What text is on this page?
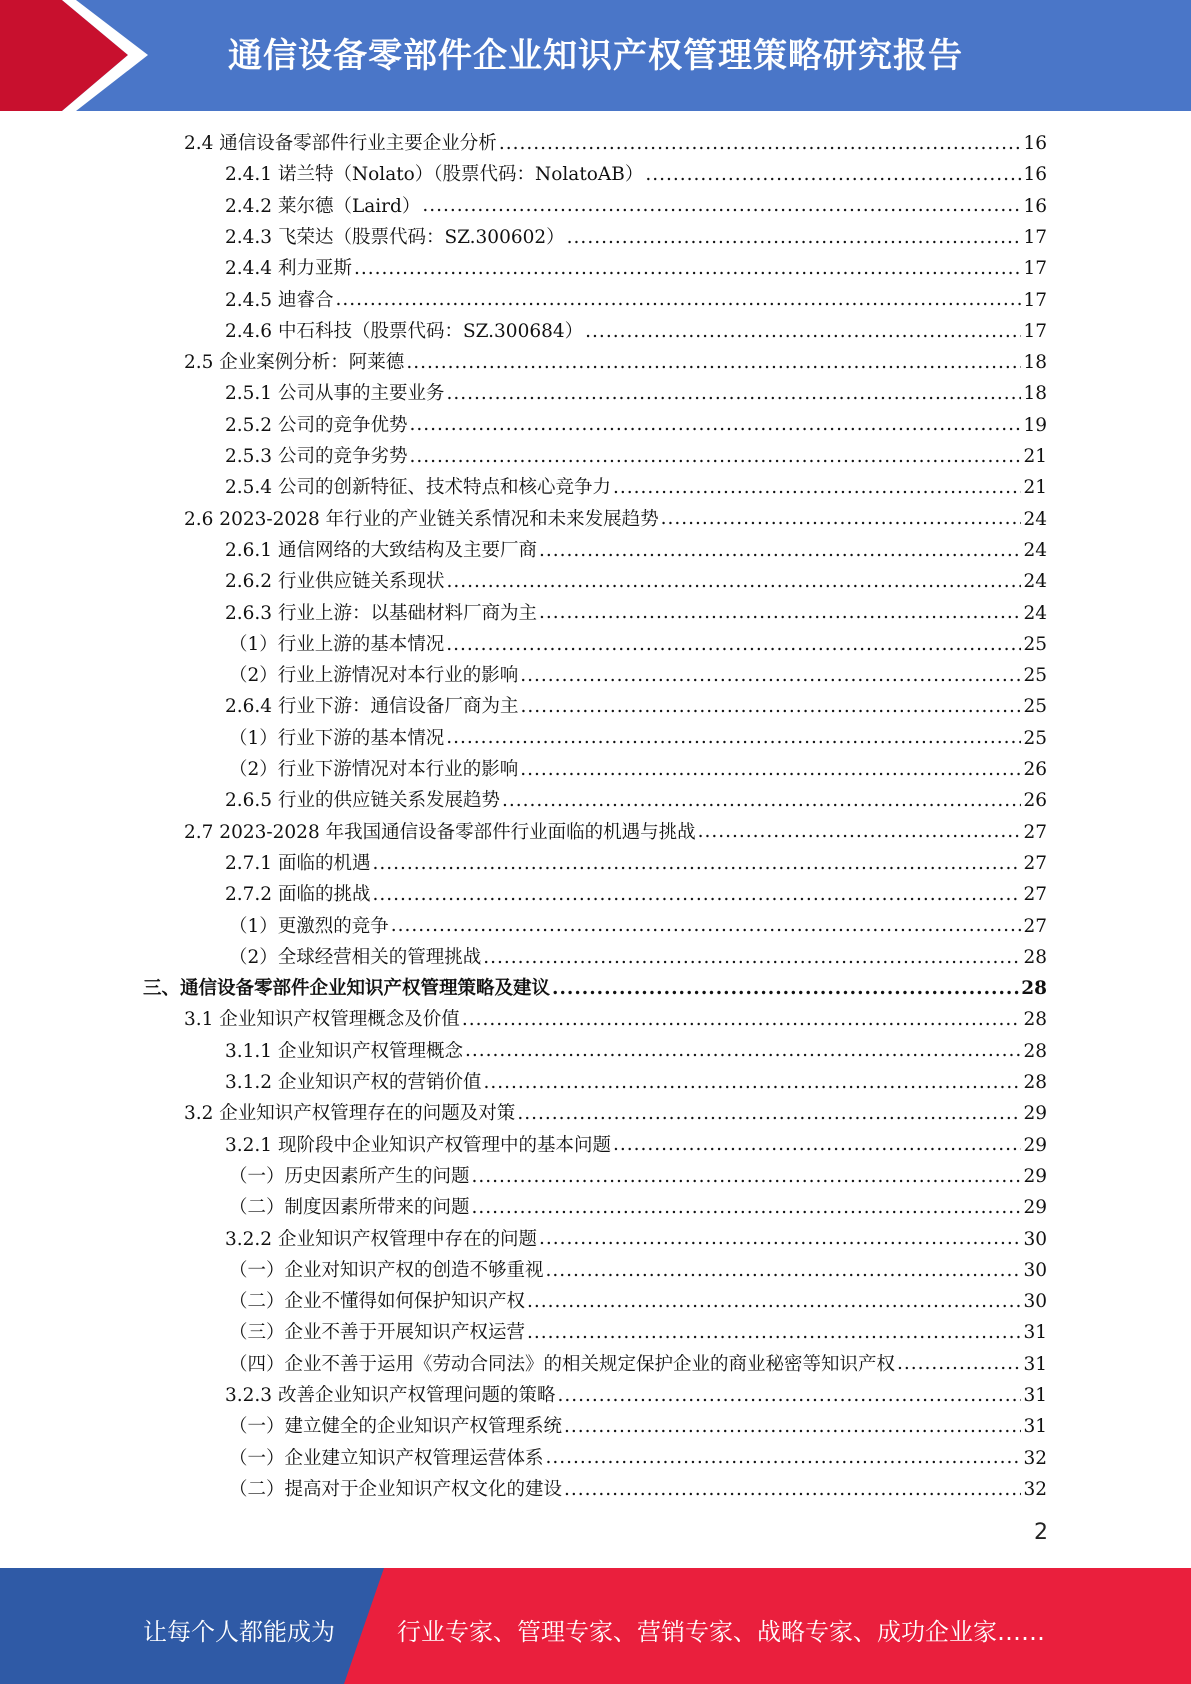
通信设备零部件企业知识产权管理策略研究报告
2.4 通信设备零部件行业主要企业分析 .....	16
2.4.1 诺兰特（Nolato）（股票代码：NolatoAB） .....	16
2.4.2 莱尔德（Laird） .....	16
2.4.3 飞荣达（股票代码：SZ.300602） .....	17
2.4.4 利力亚斯 .....	17
2.4.5 迪睿合 .....	17
2.4.6 中石科技（股票代码：SZ.300684） .....	17
2.5 企业案例分析：阿莱德 .....	18
2.5.1 公司从事的主要业务 .....	18
2.5.2 公司的竞争优势 .....	19
2.5.3 公司的竞争劣势 .....	21
2.5.4 公司的创新特征、技术特点和核心竞争力 .....	21
2.6 2023-2028 年行业的产业链关系情况和未来发展趋势 .....	24
2.6.1 通信网络的大致结构及主要厂商 .....	24
2.6.2 行业供应链关系现状 .....	24
2.6.3 行业上游：以基础材料厂商为主 .....	24
（1）行业上游的基本情况 .....	25
（2）行业上游情况对本行业的影响 .....	25
2.6.4 行业下游：通信设备厂商为主 .....	25
（1）行业下游的基本情况 .....	25
（2）行业下游情况对本行业的影响 .....	26
2.6.5 行业的供应链关系发展趋势 .....	26
2.7 2023-2028 年我国通信设备零部件行业面临的机遇与挑战 .....	27
2.7.1 面临的机遇 .....	27
2.7.2 面临的挑战 .....	27
（1）更激烈的竞争 .....	27
（2）全球经营相关的管理挑战 .....	28
三、通信设备零部件企业知识产权管理策略及建议 .....	28
3.1 企业知识产权管理概念及价值 .....	28
3.1.1 企业知识产权管理概念 .....	28
3.1.2 企业知识产权的营销价值 .....	28
3.2 企业知识产权管理存在的问题及对策 .....	29
3.2.1 现阶段中企业知识产权管理中的基本问题 .....	29
（一）历史因素所产生的问题 .....	29
（二）制度因素所带来的问题 .....	29
3.2.2 企业知识产权管理中存在的问题 .....	30
（一）企业对知识产权的创造不够重视 .....	30
（二）企业不懂得如何保护知识产权 .....	30
（三）企业不善于开展知识产权运营 .....	31
（四）企业不善于运用《劳动合同法》的相关规定保护企业的商业秘密等知识产权 .....	31
3.2.3 改善企业知识产权管理问题的策略 .....	31
（一）建立健全的企业知识产权管理系统 .....	31
（一）企业建立知识产权管理运营体系 .....	32
（二）提高对于企业知识产权文化的建设 .....	32
2
让每个人都能成为	行业专家、管理专家、营销专家、战略专家、成功企业家……
